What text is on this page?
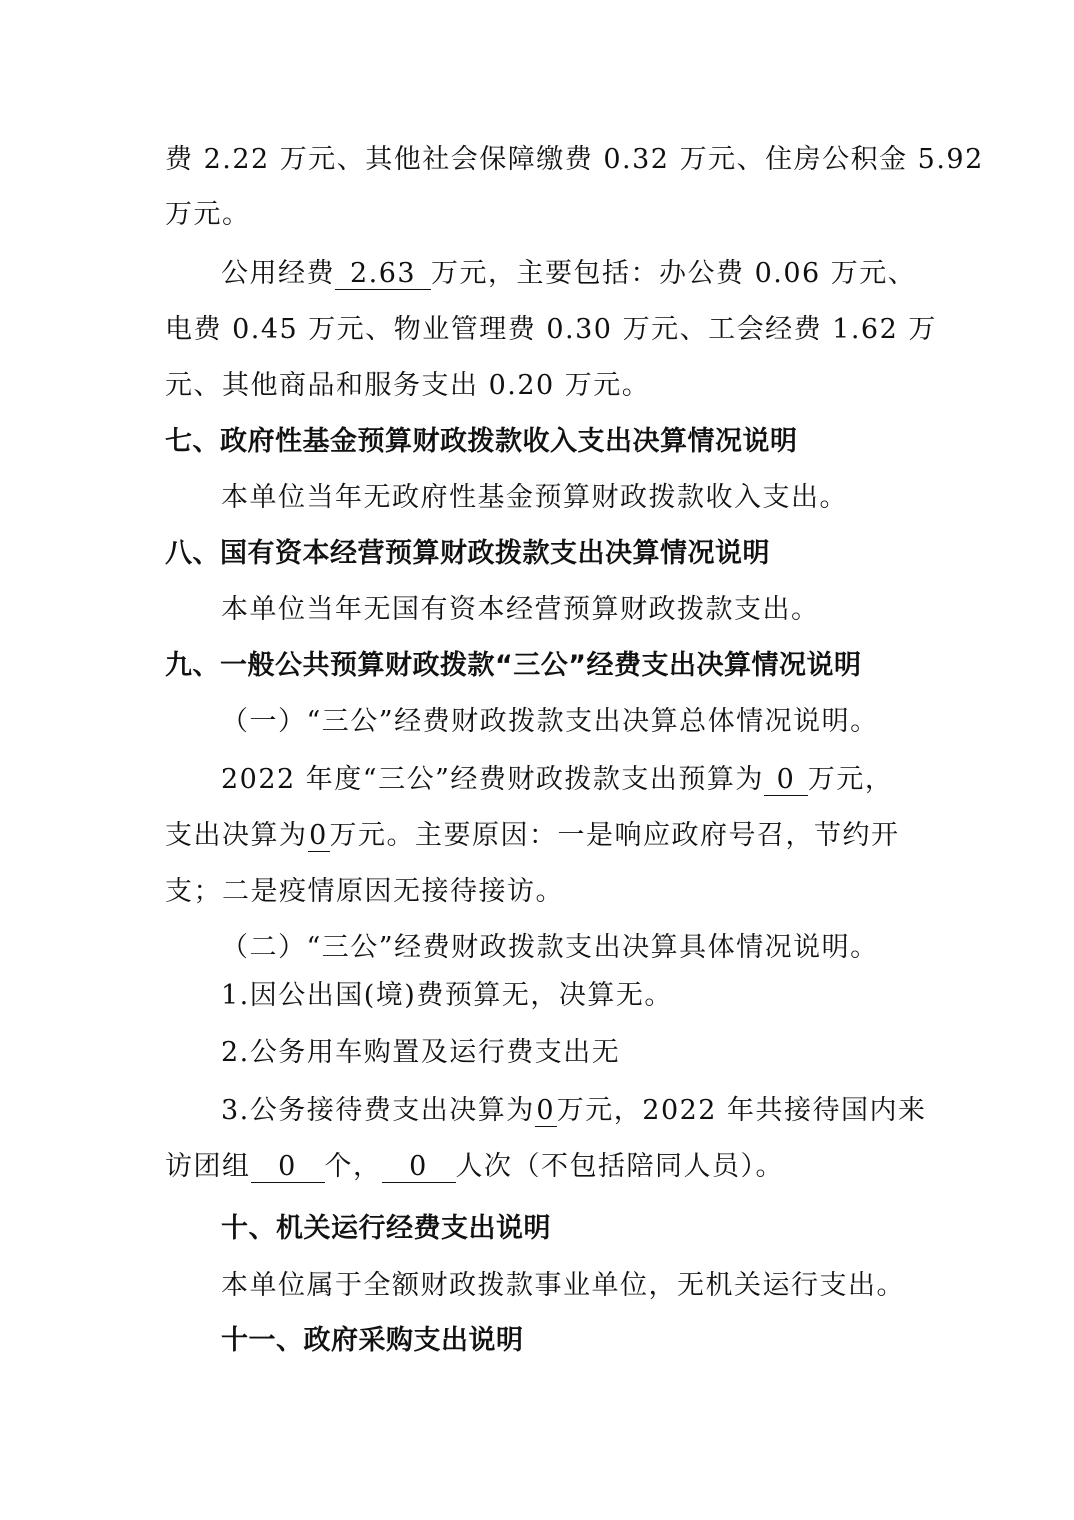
费 2.22 万元、其他社会保障缴费 0.32 万元、住房公积金 5.92
万元。
公用经费 2.63 万元，主要包括：办公费 0.06 万元、
电费 0.45 万元、物业管理费 0.30 万元、工会经费 1.62 万
元、其他商品和服务支出 0.20 万元。
七、政府性基金预算财政拨款收入支出决算情况说明
本单位当年无政府性基金预算财政拨款收入支出。
八、国有资本经营预算财政拨款支出决算情况说明
本单位当年无国有资本经营预算财政拨款支出。
九、一般公共预算财政拨款“三公”经费支出决算情况说明
（一）“三公”经费财政拨款支出决算总体情况说明。
2022 年度“三公”经费财政拨款支出预算为 0 万元，
支出决算为0万元。主要原因：一是响应政府号召，节约开
支；二是疫情原因无接待接访。
（二）“三公”经费财政拨款支出决算具体情况说明。
1.因公出国(境)费预算无，决算无。
2.公务用车购置及运行费支出无
3.公务接待费支出决算为0万元，2022 年共接待国内来
访团组 0 个， 0 人次（不包括陪同人员）。
十、机关运行经费支出说明
本单位属于全额财政拨款事业单位，无机关运行支出。
十一、政府采购支出说明
